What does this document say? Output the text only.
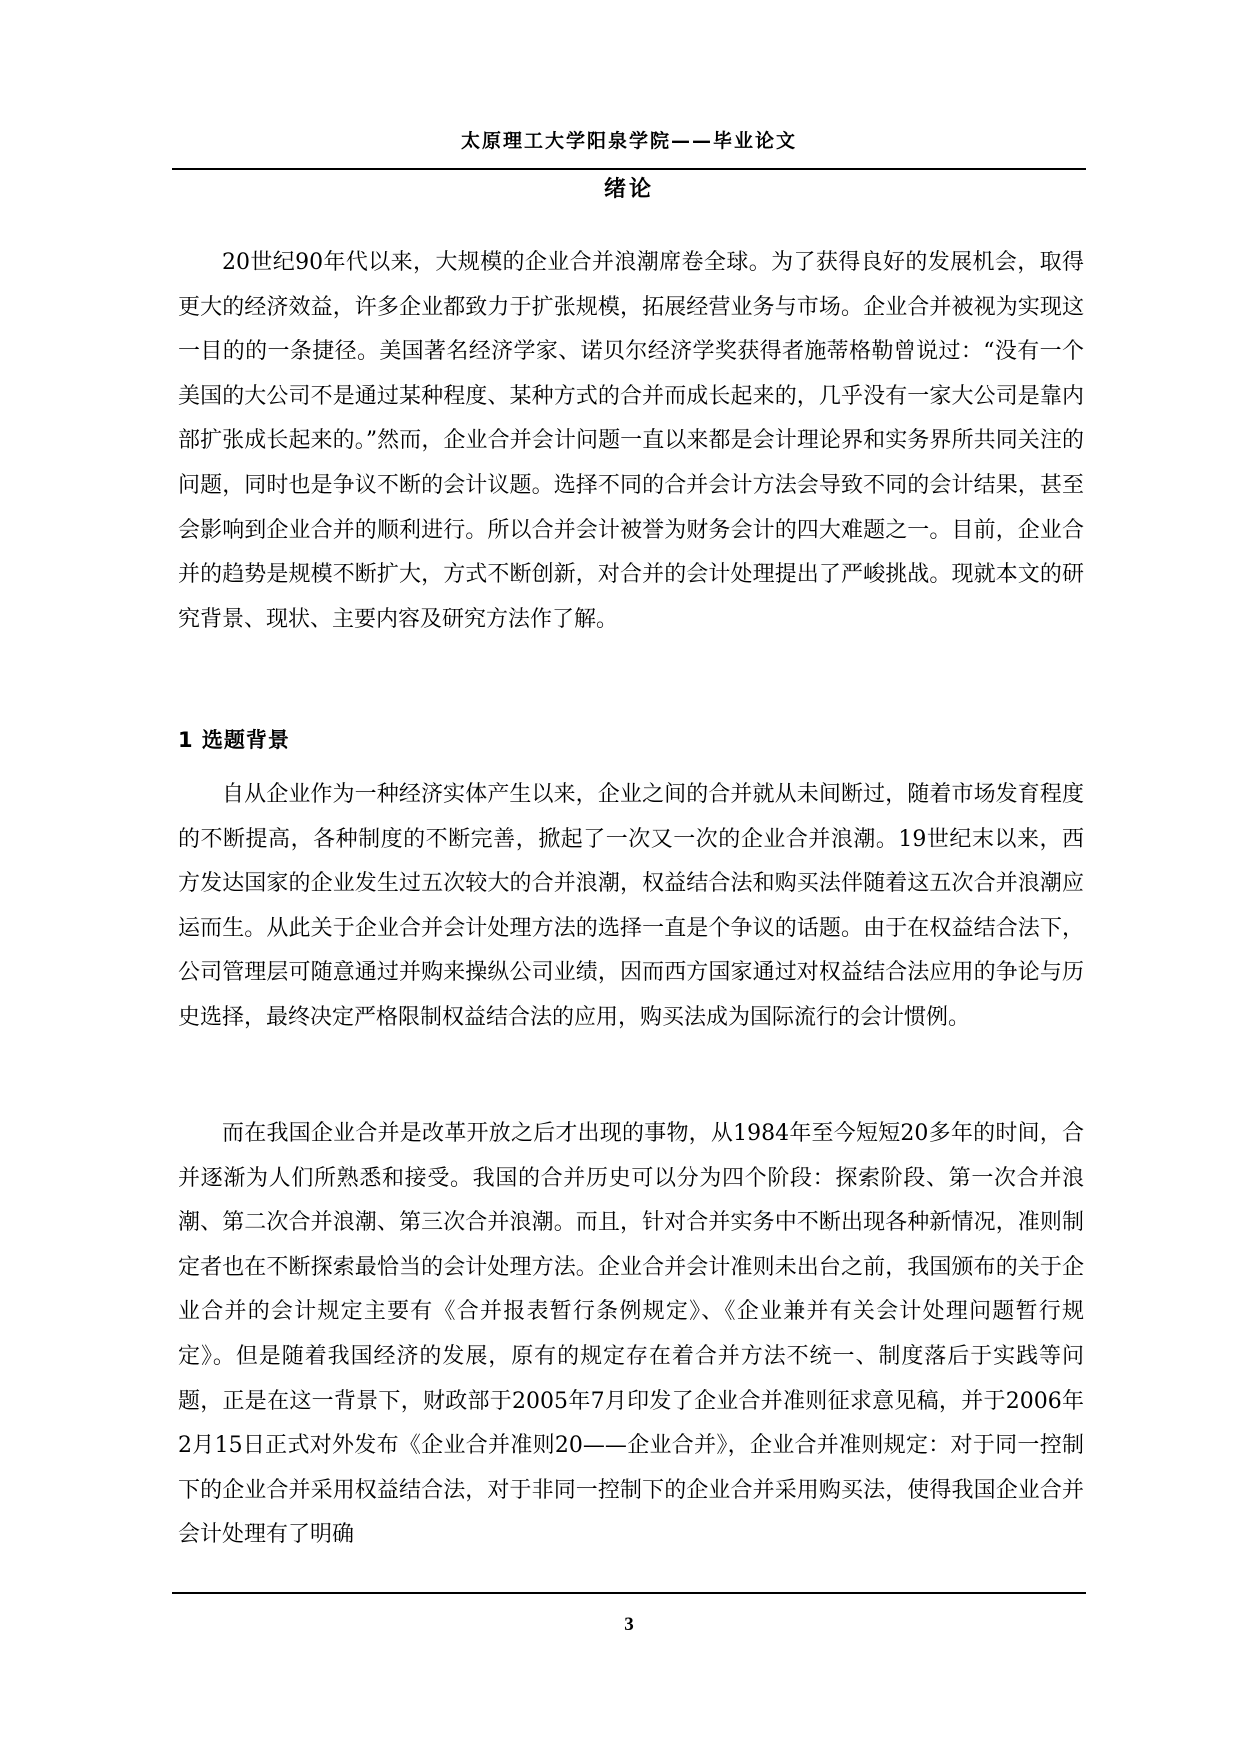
太原理工大学阳泉学院——毕业论文
绪论

20世纪90年代以来，大规模的企业合并浪潮席卷全球。为了获得良好的发展机会，取得更大的经济效益，许多企业都致力于扩张规模，拓展经营业务与市场。企业合并被视为实现这一目的的一条捷径。美国著名经济学家、诺贝尔经济学奖获得者施蒂格勒曾说过：“没有一个美国的大公司不是通过某种程度、某种方式的合并而成长起来的，几乎没有一家大公司是靠内部扩张成长起来的。”然而，企业合并会计问题一直以来都是会计理论界和实务界所共同关注的问题，同时也是争议不断的会计议题。选择不同的合并会计方法会导致不同的会计结果，甚至会影响到企业合并的顺利进行。所以合并会计被誉为财务会计的四大难题之一。目前，企业合并的趋势是规模不断扩大，方式不断创新，对合并的会计处理提出了严峻挑战。现就本文的研究背景、现状、主要内容及研究方法作了解。

1 选题背景

自从企业作为一种经济实体产生以来，企业之间的合并就从未间断过，随着市场发育程度的不断提高，各种制度的不断完善，掀起了一次又一次的企业合并浪潮。19世纪末以来，西方发达国家的企业发生过五次较大的合并浪潮，权益结合法和购买法伴随着这五次合并浪潮应运而生。从此关于企业合并会计处理方法的选择一直是个争议的话题。由于在权益结合法下，公司管理层可随意通过并购来操纵公司业绩，因而西方国家通过对权益结合法应用的争论与历史选择，最终决定严格限制权益结合法的应用，购买法成为国际流行的会计惯例。

而在我国企业合并是改革开放之后才出现的事物，从1984年至今短短20多年的时间，合并逐渐为人们所熟悉和接受。我国的合并历史可以分为四个阶段：探索阶段、第一次合并浪潮、第二次合并浪潮、第三次合并浪潮。而且，针对合并实务中不断出现各种新情况，准则制定者也在不断探索最恰当的会计处理方法。企业合并会计准则未出台之前，我国颁布的关于企业合并的会计规定主要有《合并报表暂行条例规定》、《企业兼并有关会计处理问题暂行规定》。但是随着我国经济的发展，原有的规定存在着合并方法不统一、制度落后于实践等问题，正是在这一背景下，财政部于2005年7月印发了企业合并准则征求意见稿，并于2006年2月15日正式对外发布《企业合并准则20——企业合并》，企业合并准则规定：对于同一控制下的企业合并采用权益结合法，对于非同一控制下的企业合并采用购买法，使得我国企业合并会计处理有了明确

3
